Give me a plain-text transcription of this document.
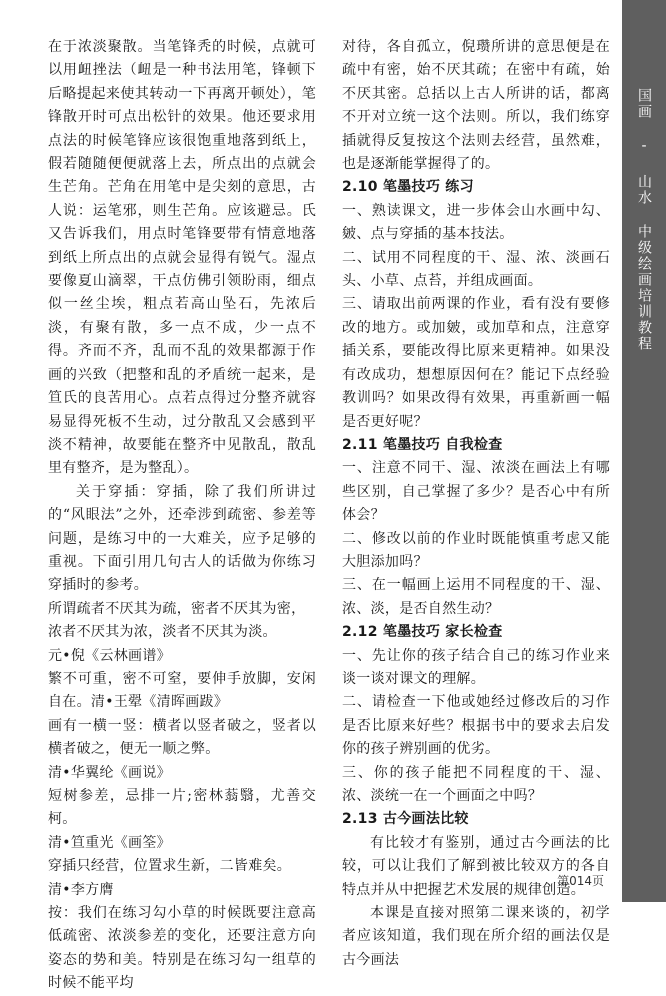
在于浓淡聚散。当笔锋秃的时候，点就可以用衄挫法（衄是一种书法用笔，锋顿下后略提起来使其转动一下再离开顿处），笔锋散开时可点出松针的效果。他还要求用点法的时候笔锋应该很饱重地落到纸上，假若随随便便就落上去，所点出的点就会生芒角。芒角在用笔中是尖刻的意思，古人说：运笔邪，则生芒角。应该避忌。氏又告诉我们，用点时笔锋要带有情意地落到纸上所点出的点就会显得有锐气。湿点要像夏山滴翠，干点仿佛引领盼雨，细点似一丝尘埃，粗点若高山坠石，先浓后淡，有聚有散，多一点不成，少一点不得。齐而不齐，乱而不乱的效果都源于作画的兴致（把整和乱的矛盾统一起来，是笪氏的良苦用心。点若点得过分整齐就容易显得死板不生动，过分散乱又会感到平淡不精神，故要能在整齐中见散乱，散乱里有整齐，是为整乱）。

关于穿插：穿插，除了我们所讲过的“风眼法”之外，还牵涉到疏密、参差等问题，是练习中的一大难关，应予足够的重视。下面引用几句古人的话做为你练习穿插时的参考。

所谓疏者不厌其为疏，密者不厌其为密，

浓者不厌其为浓，淡者不厌其为淡。

元•倪《云林画谱》

繁不可重，密不可窒，要伸手放脚，安闲自在。清•王翚《清晖画跋》

画有一横一竖：横者以竖者破之，竖者以横者破之，便无一顺之弊。

清•华翼纶《画说》

短树参差，忌排一片;密林蓊翳，尤善交柯。

清•笪重光《画筌》

穿插只经营，位置求生新，二皆难矣。

清•李方膺

按：我们在练习勾小草的时候既要注意高低疏密、浓淡参差的变化，还要注意方向姿态的势和美。特别是在练习勾一组草的时候不能平均

对待，各自孤立，倪瓒所讲的意思便是在疏中有密，始不厌其疏；在密中有疏，始不厌其密。总括以上古人所讲的话，都离不开对立统一这个法则。所以，我们练穿插就得反复按这个法则去经营，虽然难，也是逐渐能掌握得了的。

2.10 笔墨技巧 练习

一、熟读课文，进一步体会山水画中勾、皴、点与穿插的基本技法。

二、试用不同程度的干、湿、浓、淡画石头、小草、点苔，并组成画面。

三、请取出前两课的作业，看有没有要修改的地方。或加皴，或加草和点，注意穿插关系，要能改得比原来更精神。如果没有改成功，想想原因何在？能记下点经验教训吗？如果改得有效果，再重新画一幅是否更好呢？

2.11 笔墨技巧 自我检查

一、注意不同干、湿、浓淡在画法上有哪些区别，自己掌握了多少？是否心中有所体会？

二、修改以前的作业时既能慎重考虑又能大胆添加吗？

三、在一幅画上运用不同程度的干、湿、浓、淡，是否自然生动？

2.12 笔墨技巧 家长检查

一、先让你的孩子结合自己的练习作业来谈一谈对课文的理解。

二、请检查一下他或她经过修改后的习作是否比原来好些？根据书中的要求去启发你的孩子辨别画的优劣。

三、你的孩子能把不同程度的干、湿、浓、淡统一在一个画面之中吗？

2.13 古今画法比较

有比较才有鉴别，通过古今画法的比较，可以让我们了解到被比较双方的各自特点并从中把握艺术发展的规律创造。

本课是直接对照第二课来谈的，初学者应该知道，我们现在所介绍的画法仅是古今画法

国画 - 山水 中级绘画培训教程
第014页
